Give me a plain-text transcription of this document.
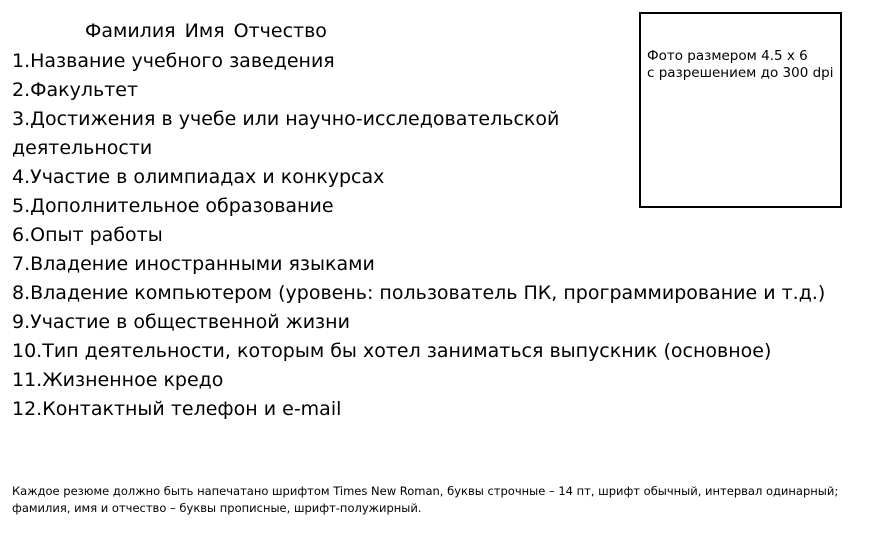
Фамилия Имя Отчество
1.Название учебного заведения
2.Факультет
3.Достижения в учебе или научно-исследовательской деятельности
4.Участие в олимпиадах и конкурсах
5.Дополнительное образование
6.Опыт работы
7.Владение иностранными языками
8.Владение компьютером (уровень: пользователь ПК, программирование и т.д.)
9.Участие в общественной жизни
10.Тип деятельности, которым бы хотел заниматься выпускник (основное)
11.Жизненное кредо
12.Контактный телефон и e-mail
Фото размером 4.5 x 6
с разрешением до 300 dpi
Каждое резюме должно быть напечатано шрифтом Times New Roman, буквы строчные – 14 пт, шрифт обычный, интервал одинарный; фамилия, имя и отчество – буквы прописные, шрифт-полужирный.
